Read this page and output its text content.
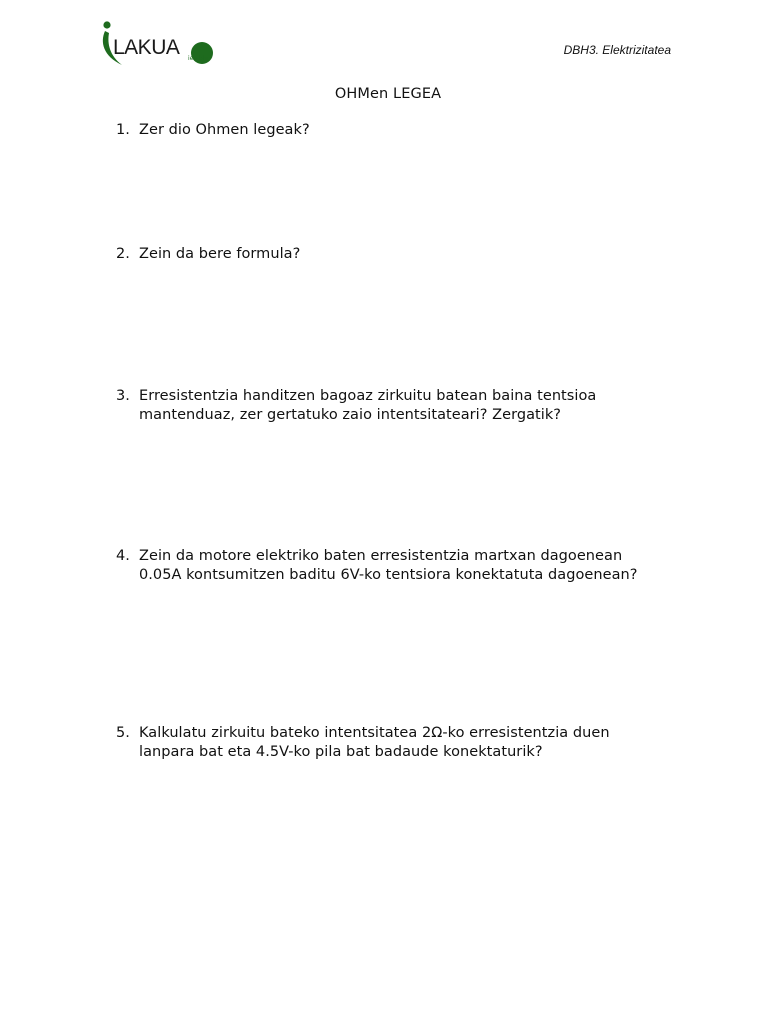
ies-bhi
LAKUA	DBH3. Elektrizitatea
OHMen LEGEA
1. Zer dio Ohmen legeak?
2. Zein da bere formula?
3. Erresistentzia handitzen bagoaz zirkuitu batean baina tentsioa
mantenduaz, zer gertatuko zaio intentsitateari? Zergatik?
4. Zein da motore elektriko baten erresistentzia martxan dagoenean
0.05A kontsumitzen baditu 6V-ko tentsiora konektatuta dagoenean?
5. Kalkulatu zirkuitu bateko intentsitatea 2Ω-ko erresistentzia duen
lanpara bat eta 4.5V-ko pila bat badaude konektaturik?
